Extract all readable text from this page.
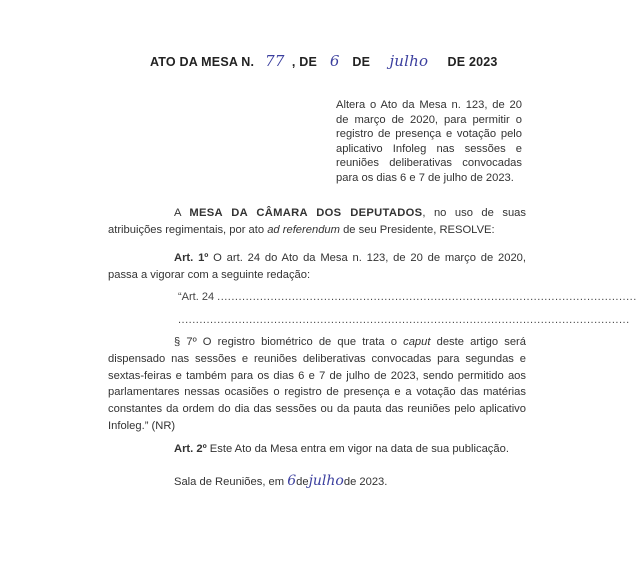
ATO DA MESA N. 77 , DE 6 DE julho DE 2023
Altera o Ato da Mesa n. 123, de 20 de março de 2020, para permitir o registro de presença e votação pelo aplicativo Infoleg nas sessões e reuniões deliberativas convocadas para os dias 6 e 7 de julho de 2023.
A MESA DA CÂMARA DOS DEPUTADOS, no uso de suas atribuições regimentais, por ato ad referendum de seu Presidente, RESOLVE:
Art. 1º O art. 24 do Ato da Mesa n. 123, de 20 de março de 2020, passa a vigorar com a seguinte redação:
“Art. 24 ......................................................................................................................
...............................................................................................................................
§ 7º O registro biométrico de que trata o caput deste artigo será dispensado nas sessões e reuniões deliberativas convocadas para segundas e sextas-feiras e também para os dias 6 e 7 de julho de 2023, sendo permitido aos parlamentares nessas ocasiões o registro de presença e a votação das matérias constantes da ordem do dia das sessões ou da pauta das reuniões pelo aplicativo Infoleg.” (NR)
Art. 2º Este Ato da Mesa entra em vigor na data de sua publicação.
Sala de Reuniões, em 6dejulhode 2023.
